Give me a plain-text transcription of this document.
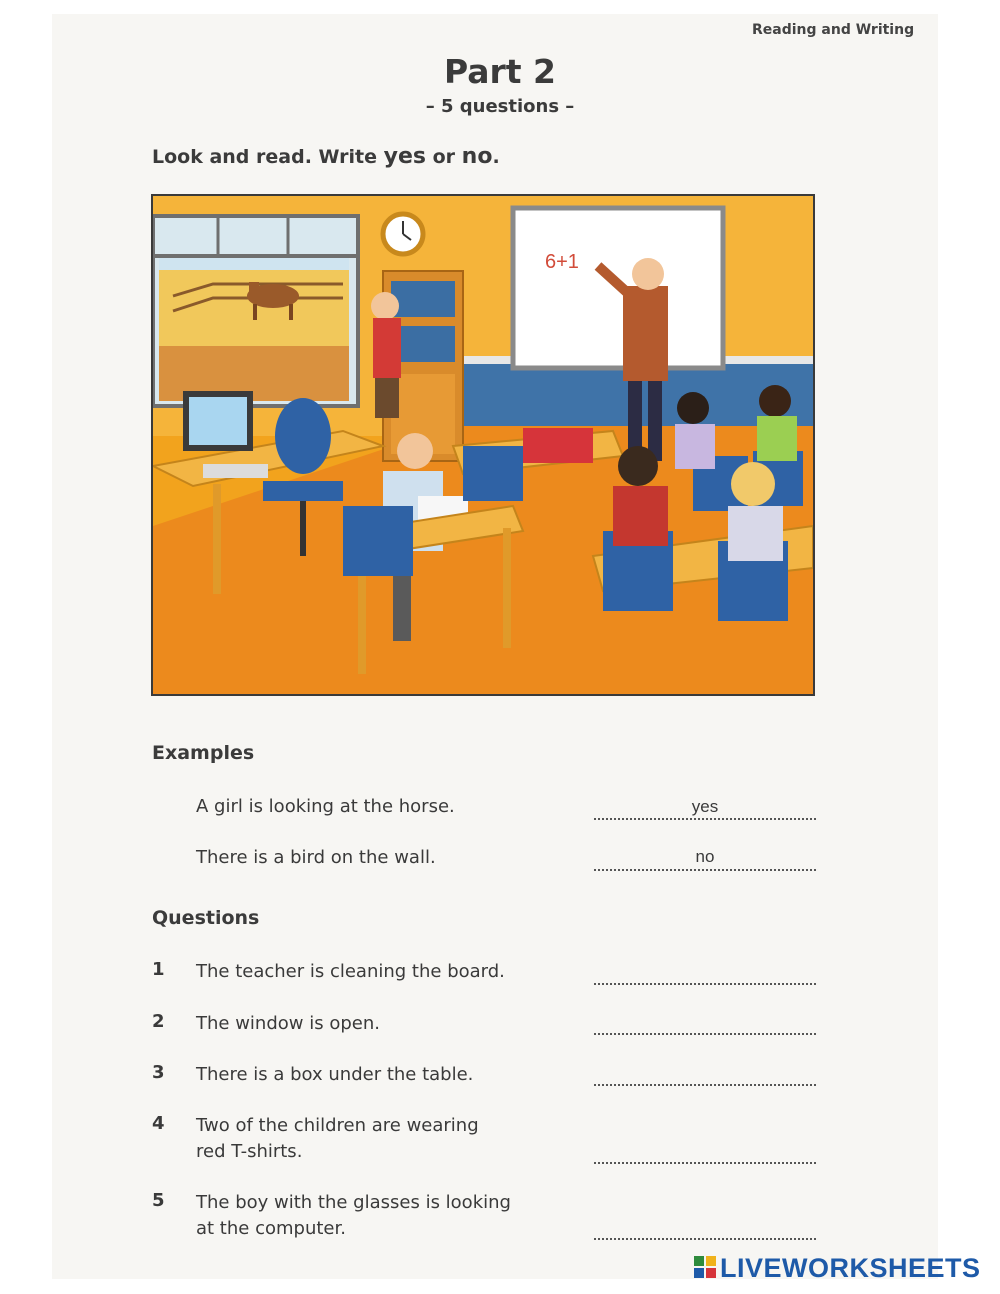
Reading and Writing
Part 2
– 5 questions –
Look and read. Write yes or no.
6+1
Examples
A girl is looking at the horse.	yes
There is a bird on the wall.	no
Questions
1 The teacher is cleaning the board.
2 The window is open.
3 There is a box under the table.
4 Two of the children are wearing
red T-shirts.
5 The boy with the glasses is looking
at the computer.
LIVEWORKSHEETS
